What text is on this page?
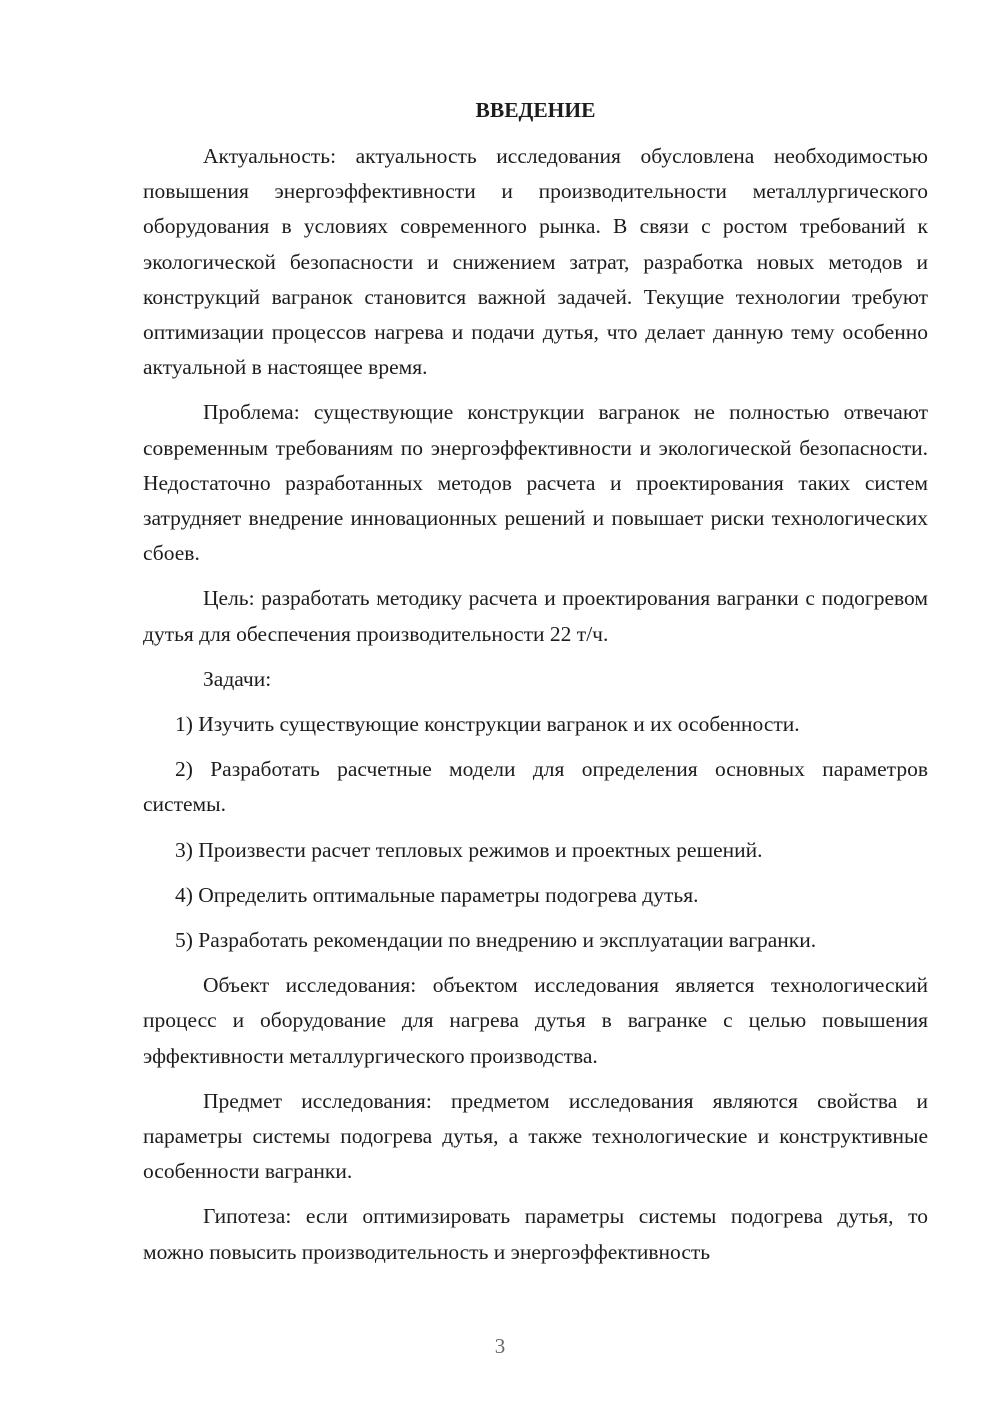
ВВЕДЕНИЕ

Актуальность: актуальность исследования обусловлена необходимостью повышения энергоэффективности и производительности металлургического оборудования в условиях современного рынка. В связи с ростом требований к экологической безопасности и снижением затрат, разработка новых методов и конструкций вагранок становится важной задачей. Текущие технологии требуют оптимизации процессов нагрева и подачи дутья, что делает данную тему особенно актуальной в настоящее время.

Проблема: существующие конструкции вагранок не полностью отвечают современным требованиям по энергоэффективности и экологической безопасности. Недостаточно разработанных методов расчета и проектирования таких систем затрудняет внедрение инновационных решений и повышает риски технологических сбоев.

Цель: разработать методику расчета и проектирования вагранки с подогревом дутья для обеспечения производительности 22 т/ч.

Задачи:

1) Изучить существующие конструкции вагранок и их особенности.

2) Разработать расчетные модели для определения основных параметров системы.

3) Произвести расчет тепловых режимов и проектных решений.

4) Определить оптимальные параметры подогрева дутья.

5) Разработать рекомендации по внедрению и эксплуатации вагранки.

Объект исследования: объектом исследования является технологический процесс и оборудование для нагрева дутья в вагранке с целью повышения эффективности металлургического производства.

Предмет исследования: предметом исследования являются свойства и параметры системы подогрева дутья, а также технологические и конструктивные особенности вагранки.

Гипотеза: если оптимизировать параметры системы подогрева дутья, то можно повысить производительность и энергоэффективность

3
